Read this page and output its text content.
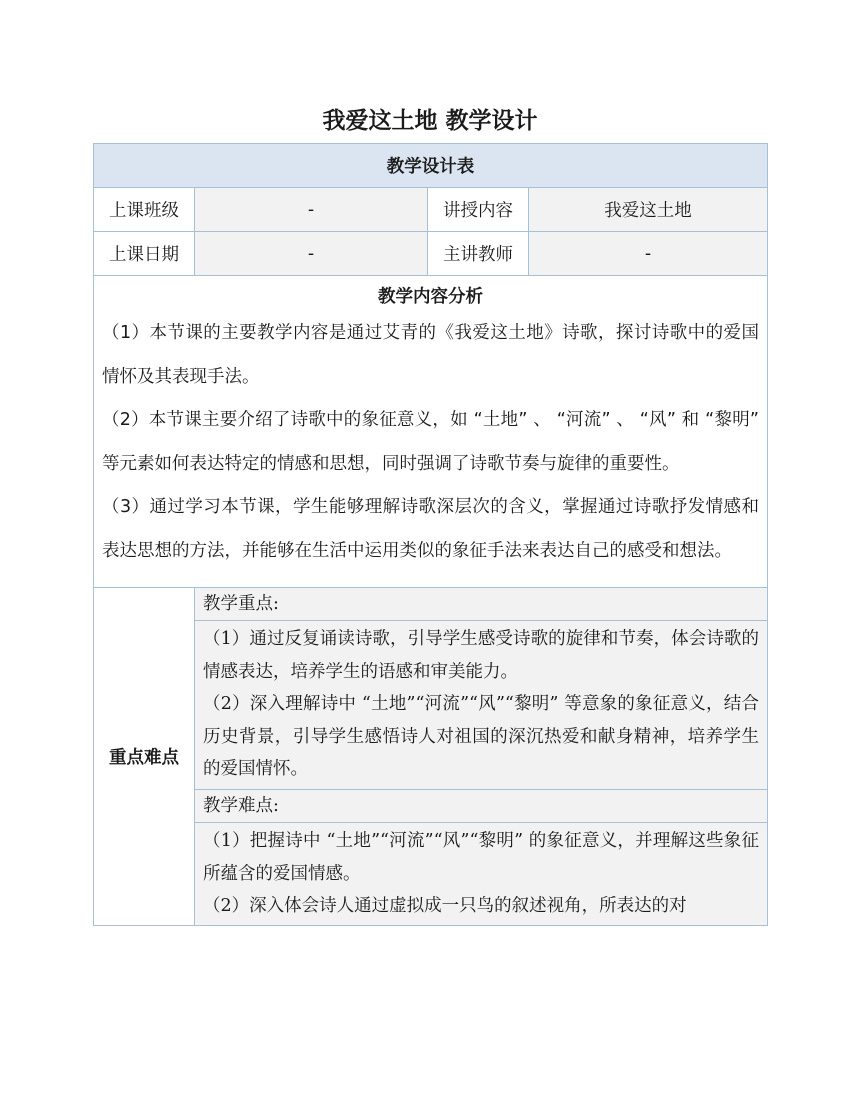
我爱这土地 教学设计
教学设计表			
上课班级	-	讲授内容	我爱这土地
上课日期	-	主讲教师	-

教学内容分析
（1）本节课的主要教学内容是通过艾青的《我爱这土地》诗歌，探讨诗歌中的爱国情怀及其表现手法。
（2）本节课主要介绍了诗歌中的象征意义，如 “土地” 、 “河流” 、 “风” 和 “黎明” 等元素如何表达特定的情感和思想，同时强调了诗歌节奏与旋律的重要性。
（3）通过学习本节课，学生能够理解诗歌深层次的含义，掌握通过诗歌抒发情感和表达思想的方法，并能够在生活中运用类似的象征手法来表达自己的感受和想法。			

重点难点	教学重点:		

	（1）通过反复诵读诗歌，引导学生感受诗歌的旋律和节奏，体会诗歌的情感表达，培养学生的语感和审美能力。

（2）深入理解诗中 “土地”“河流”“风”“黎明” 等意象的象征意义，结合历史背景，引导学生感悟诗人对祖国的深沉热爱和献身精神，培养学生的爱国情怀。		

	教学难点:		

	（1）把握诗中 “土地”“河流”“风”“黎明” 的象征意义，并理解这些象征所蕴含的爱国情感。

（2）深入体会诗人通过虚拟成一只鸟的叙述视角，所表达的对		
